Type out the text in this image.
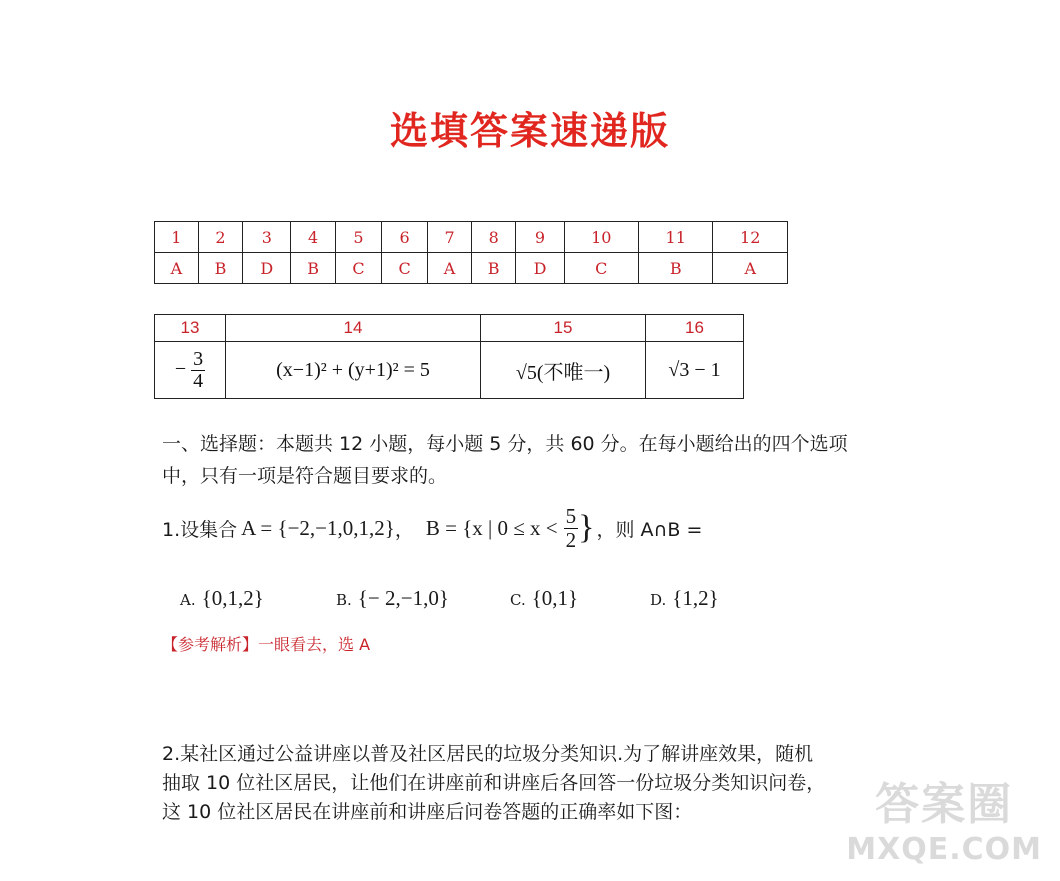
选填答案速递版
1	2	3	4	5	6	7	8	9	10	11	12
A	B	D	B	C	C	A	B	D	C	B	A
13	14	15	16
− $\frac{3}{4}$	(x−1)² + (y+1)² = 5	√5(不唯一)	√3 − 1
一、选择题：本题共 12 小题，每小题 5 分，共 60 分。在每小题给出的四个选项
中，只有一项是符合题目要求的。
1.设集合 A = {−2,−1,0,1,2} ， B = {x | $0 \le x < \frac{5}{2}$ } ，则 A∩B =
A. {0,1,2}	B. {− 2,−1,0}	C. {0,1}	D. {1,2}
【参考解析】一眼看去，选 A
2.某社区通过公益讲座以普及社区居民的垃圾分类知识.为了解讲座效果，随机
抽取 10 位社区居民，让他们在讲座前和讲座后各回答一份垃圾分类知识问卷，
这 10 位社区居民在讲座前和讲座后问卷答题的正确率如下图：	答案圈
MXQE.COM
